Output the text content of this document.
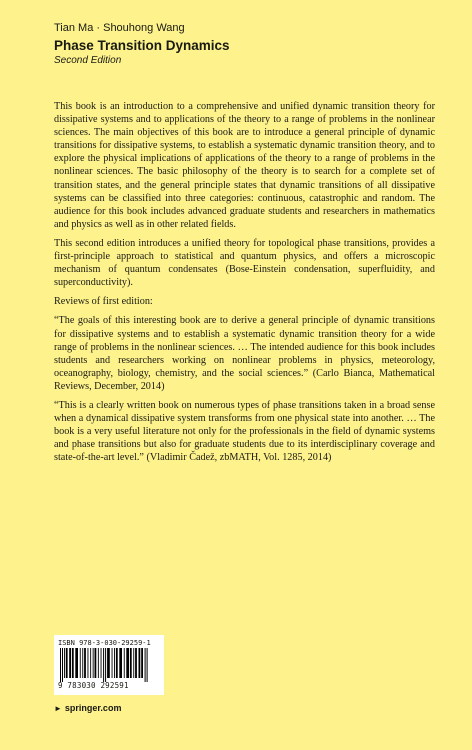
Tian Ma · Shouhong Wang
Phase Transition Dynamics
Second Edition

This book is an introduction to a comprehensive and unified dynamic transition theory for dissipative systems and to applications of the theory to a range of problems in the nonlinear sciences. The main objectives of this book are to introduce a general principle of dynamic transitions for dissipative systems, to establish a systematic dynamic transition theory, and to explore the physical implications of applications of the theory to a range of problems in the nonlinear sciences. The basic philosophy of the theory is to search for a complete set of transition states, and the general principle states that dynamic transitions of all dissipative systems can be classified into three categories: continuous, catastrophic and random. The audience for this book includes advanced graduate students and researchers in mathematics and physics as well as in other related fields.

This second edition introduces a unified theory for topological phase transitions, provides a first-principle approach to statistical and quantum physics, and offers a microscopic mechanism of quantum condensates (Bose-Einstein condensation, superfluidity, and superconductivity).

Reviews of first edition:

“The goals of this interesting book are to derive a general principle of dynamic transitions for dissipative systems and to establish a systematic dynamic transition theory for a wide range of problems in the nonlinear sciences. … The intended audience for this book includes students and researchers working on nonlinear problems in physics, meteorology, oceanography, biology, chemistry, and the social sciences.” (Carlo Bianca, Mathematical Reviews, December, 2014)

“This is a clearly written book on numerous types of phase transitions taken in a broad sense when a dynamical dissipative system transforms from one physical state into another. … The book is a very useful literature not only for the professionals in the field of dynamic systems and phase transitions but also for graduate students due to its interdisciplinary coverage and state-of-the-art level.” (Vladimir Čadež, zbMATH, Vol. 1285, 2014)

ISBN 978-3-030-29259-1
9 783030 292591
► springer.com
